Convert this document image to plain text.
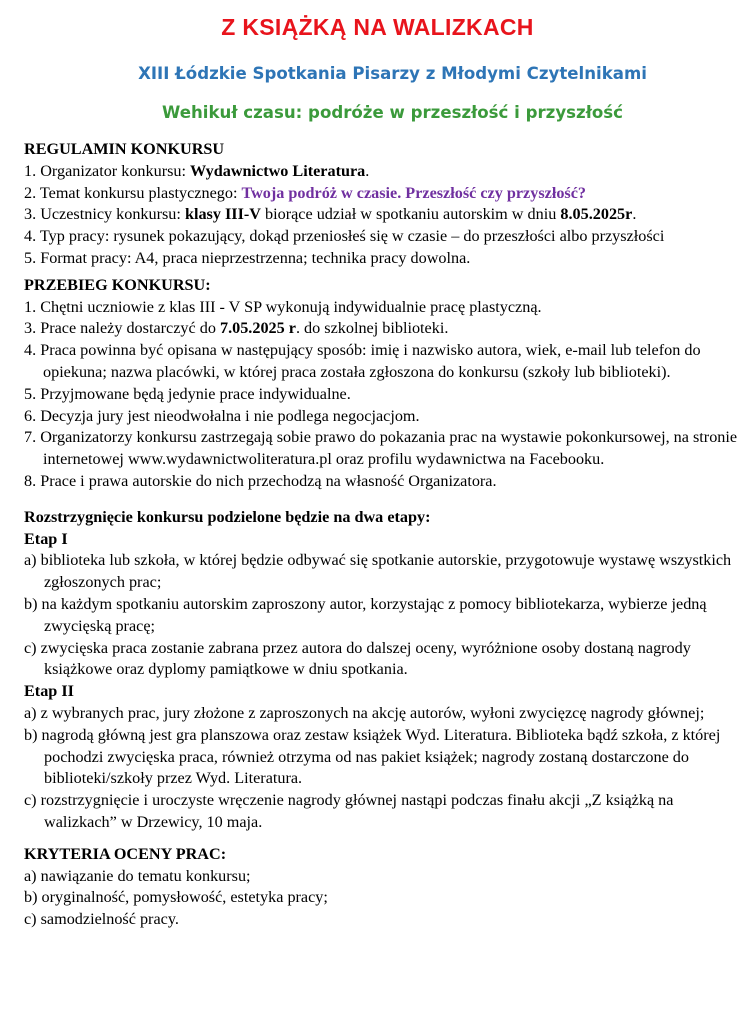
Z KSIĄŻKĄ NA WALIZKACH
XIII Łódzkie Spotkania Pisarzy z Młodymi Czytelnikami
Wehikuł czasu: podróże w przeszłość i przyszłość

REGULAMIN KONKURSU

1. Organizator konkursu: Wydawnictwo Literatura.

2. Temat konkursu plastycznego: Twoja podróż w czasie. Przeszłość czy przyszłość?

3. Uczestnicy konkursu: klasy III-V biorące udział w spotkaniu autorskim w dniu 8.05.2025r.

4. Typ pracy: rysunek pokazujący, dokąd przeniosłeś się w czasie – do przeszłości albo przyszłości

5. Format pracy: A4, praca nieprzestrzenna; technika pracy dowolna.

PRZEBIEG KONKURSU:

1. Chętni uczniowie z klas III - V SP wykonują indywidualnie pracę plastyczną.

3. Prace należy dostarczyć do 7.05.2025 r. do szkolnej biblioteki.

4. Praca powinna być opisana w następujący sposób: imię i nazwisko autora, wiek, e-mail lub telefon do opiekuna; nazwa placówki, w której praca została zgłoszona do konkursu (szkoły lub biblioteki).

5. Przyjmowane będą jedynie prace indywidualne.

6. Decyzja jury jest nieodwołalna i nie podlega negocjacjom.

7. Organizatorzy konkursu zastrzegają sobie prawo do pokazania prac na wystawie pokonkursowej, na stronie internetowej www.wydawnictwoliteratura.pl oraz profilu wydawnictwa na Facebooku.

8. Prace i prawa autorskie do nich przechodzą na własność Organizatora.

Rozstrzygnięcie konkursu podzielone będzie na dwa etapy:

Etap I

a) biblioteka lub szkoła, w której będzie odbywać się spotkanie autorskie, przygotowuje wystawę wszystkich zgłoszonych prac;

b) na każdym spotkaniu autorskim zaproszony autor, korzystając z pomocy bibliotekarza, wybierze jedną zwycięską pracę;

c) zwycięska praca zostanie zabrana przez autora do dalszej oceny, wyróżnione osoby dostaną nagrody książkowe oraz dyplomy pamiątkowe w dniu spotkania.

Etap II

a) z wybranych prac, jury złożone z zaproszonych na akcję autorów, wyłoni zwycięzcę nagrody głównej;

b) nagrodą główną jest gra planszowa oraz zestaw książek Wyd. Literatura. Biblioteka bądź szkoła, z której pochodzi zwycięska praca, również otrzyma od nas pakiet książek; nagrody zostaną dostarczone do biblioteki/szkoły przez Wyd. Literatura.

c) rozstrzygnięcie i uroczyste wręczenie nagrody głównej nastąpi podczas finału akcji „Z książką na walizkach” w Drzewicy, 10 maja.

KRYTERIA OCENY PRAC:

a) nawiązanie do tematu konkursu;

b) oryginalność, pomysłowość, estetyka pracy;

c) samodzielność pracy.
